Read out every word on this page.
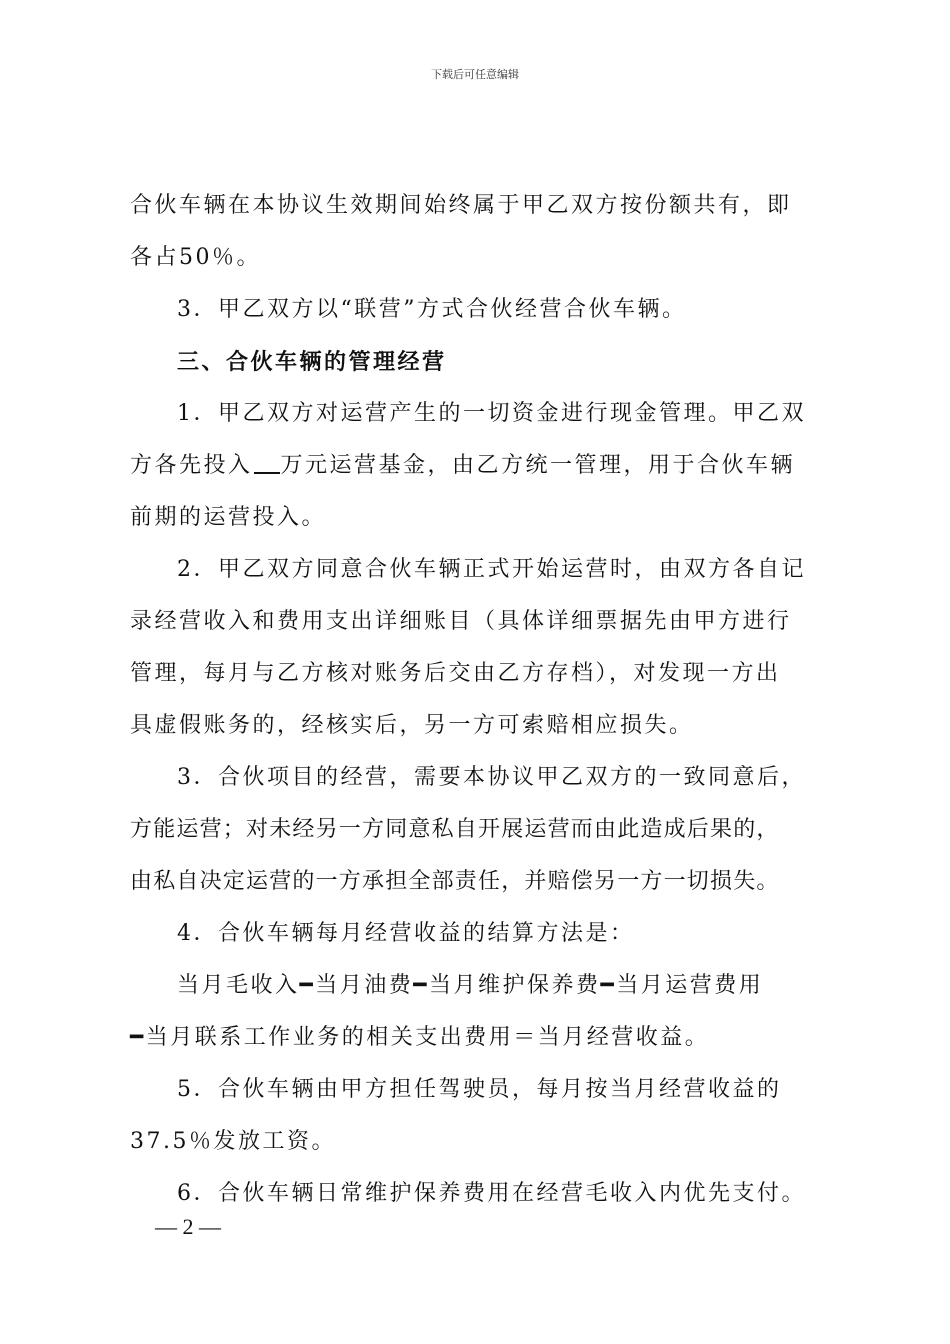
下载后可任意编辑
合伙车辆在本协议生效期间始终属于甲乙双方按份额共有，即
各占50％。
3．甲乙双方以“联营”方式合伙经营合伙车辆。
三、合伙车辆的管理经营
1．甲乙双方对运营产生的一切资金进行现金管理。甲乙双
方各先投入 万元运营基金，由乙方统一管理，用于合伙车辆
前期的运营投入。
2．甲乙双方同意合伙车辆正式开始运营时，由双方各自记
录经营收入和费用支出详细账目（具体详细票据先由甲方进行
管理，每月与乙方核对账务后交由乙方存档），对发现一方出
具虚假账务的，经核实后，另一方可索赔相应损失。
3．合伙项目的经营，需要本协议甲乙双方的一致同意后，
方能运营；对未经另一方同意私自开展运营而由此造成后果的，
由私自决定运营的一方承担全部责任，并赔偿另一方一切损失。
4．合伙车辆每月经营收益的结算方法是：
当月毛收入━当月油费━当月维护保养费━当月运营费用
━当月联系工作业务的相关支出费用＝当月经营收益。
5．合伙车辆由甲方担任驾驶员，每月按当月经营收益的
37.5％发放工资。
6．合伙车辆日常维护保养费用在经营毛收入内优先支付。
— 2 —
